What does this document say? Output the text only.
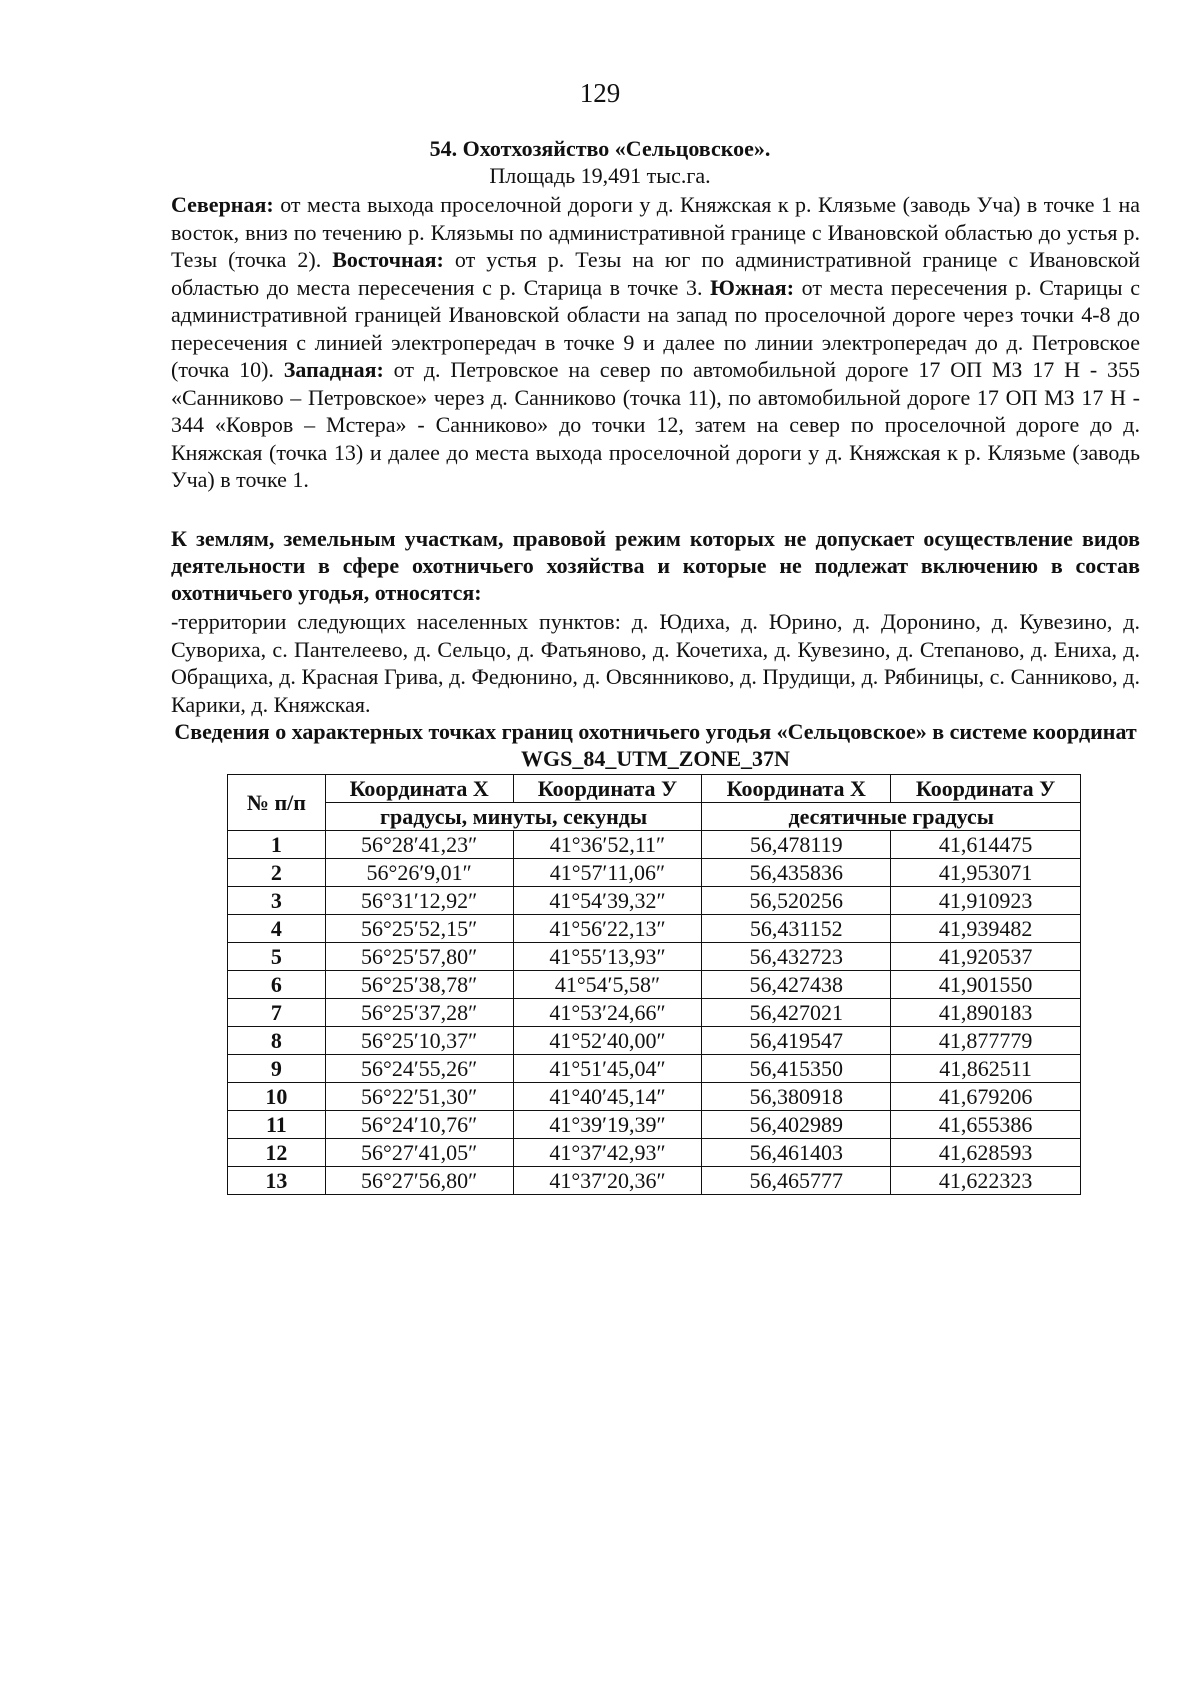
129
54. Охотхозяйство «Сельцовское».
Площадь 19,491 тыс.га.

Северная: от места выхода проселочной дороги у д. Княжская к р. Клязьме (заводь Уча) в точке 1 на восток, вниз по течению р. Клязьмы по административной границе с Ивановской областью до устья р. Тезы (точка 2). Восточная: от устья р. Тезы на юг по административной границе с Ивановской областью до места пересечения с р. Старица в точке 3. Южная: от места пересечения р. Старицы с административной границей Ивановской области на запад по проселочной дороге через точки 4-8 до пересечения с линией электропередач в точке 9 и далее по линии электропередач до д. Петровское (точка 10). Западная: от д. Петровское на север по автомобильной дороге 17 ОП МЗ 17 Н - 355 «Санниково – Петровское» через д. Санниково (точка 11), по автомобильной дороге 17 ОП МЗ 17 Н - 344 «Ковров – Мстера» - Санниково» до точки 12, затем на север по проселочной дороге до д. Княжская (точка 13) и далее до места выхода проселочной дороги у д. Княжская к р. Клязьме (заводь Уча) в точке 1.

К землям, земельным участкам, правовой режим которых не допускает осуществление видов деятельности в сфере охотничьего хозяйства и которые не подлежат включению в состав охотничьего угодья, относятся:
-территории следующих населенных пунктов: д. Юдиха, д. Юрино, д. Доронино, д. Кувезино, д. Сувориха, с. Пантелеево, д. Сельцо, д. Фатьяново, д. Кочетиха, д. Кувезино, д. Степаново, д. Ениха, д. Обращиха, д. Красная Грива, д. Федюнино, д. Овсянниково, д. Прудищи, д. Рябиницы, с. Санниково, д. Карики, д. Княжская.
Сведения о характерных точках границ охотничьего угодья «Сельцовское» в системе координат WGS_84_UTM_ZONE_37N
№ п/п	Координата X	Координата У	Координата X	Координата У
	градусы, минуты, секунды		десятичные градусы	
1	56°28′41,23″	41°36′52,11″	56,478119	41,614475
2	56°26′9,01″	41°57′11,06″	56,435836	41,953071
3	56°31′12,92″	41°54′39,32″	56,520256	41,910923
4	56°25′52,15″	41°56′22,13″	56,431152	41,939482
5	56°25′57,80″	41°55′13,93″	56,432723	41,920537
6	56°25′38,78″	41°54′5,58″	56,427438	41,901550
7	56°25′37,28″	41°53′24,66″	56,427021	41,890183
8	56°25′10,37″	41°52′40,00″	56,419547	41,877779
9	56°24′55,26″	41°51′45,04″	56,415350	41,862511
10	56°22′51,30″	41°40′45,14″	56,380918	41,679206
11	56°24′10,76″	41°39′19,39″	56,402989	41,655386
12	56°27′41,05″	41°37′42,93″	56,461403	41,628593
13	56°27′56,80″	41°37′20,36″	56,465777	41,622323
